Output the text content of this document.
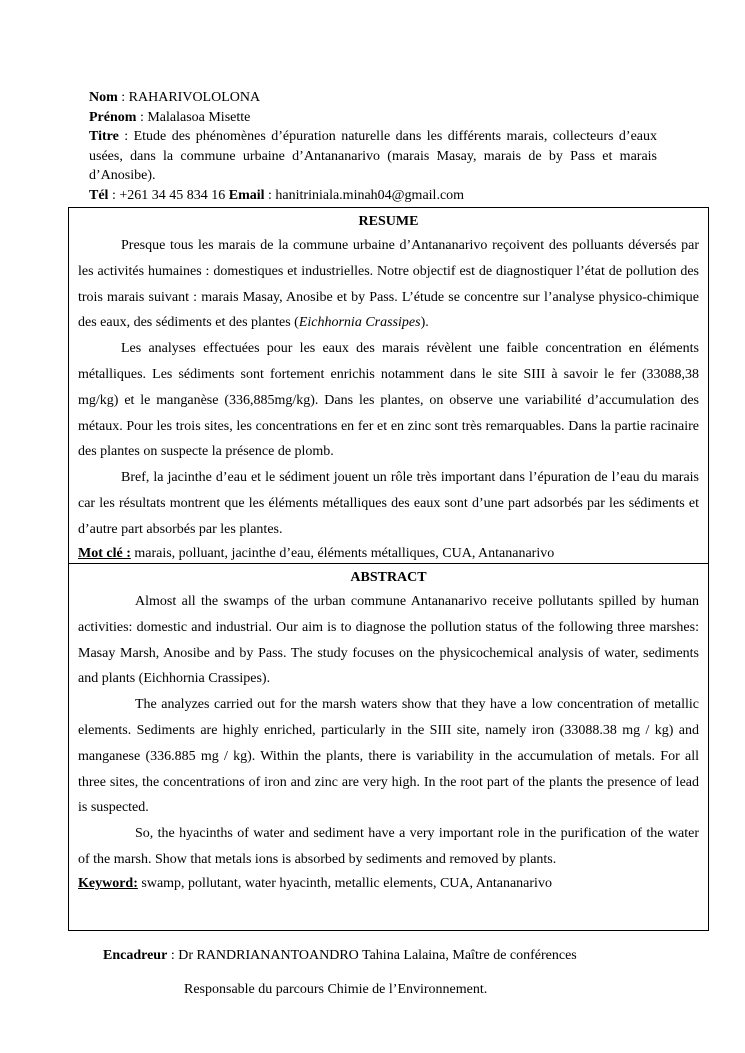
Nom : RAHARIVOLOLONA

Prénom : Malalasoa Misette

Titre : Etude des phénomènes d’épuration naturelle dans les différents marais, collecteurs d’eaux usées, dans la commune urbaine d’Antananarivo (marais Masay, marais de by Pass et marais d’Anosibe).

Tél : +261 34 45 834 16 Email : hanitriniala.minah04@gmail.com

RESUME

Presque tous les marais de la commune urbaine d’Antananarivo reçoivent des polluants déversés par les activités humaines : domestiques et industrielles. Notre objectif est de diagnostiquer l’état de pollution des trois marais suivant : marais Masay, Anosibe et by Pass. L’étude se concentre sur l’analyse physico-chimique des eaux, des sédiments et des plantes (Eichhornia Crassipes).

Les analyses effectuées pour les eaux des marais révèlent une faible concentration en éléments métalliques. Les sédiments sont fortement enrichis notamment dans le site SIII à savoir le fer (33088,38 mg/kg) et le manganèse (336,885mg/kg). Dans les plantes, on observe une variabilité d’accumulation des métaux. Pour les trois sites, les concentrations en fer et en zinc sont très remarquables. Dans la partie racinaire des plantes on suspecte la présence de plomb.

Bref, la jacinthe d’eau et le sédiment jouent un rôle très important dans l’épuration de l’eau du marais car les résultats montrent que les éléments métalliques des eaux sont d’une part adsorbés par les sédiments et d’autre part absorbés par les plantes.

Mot clé : marais, polluant, jacinthe d’eau, éléments métalliques, CUA, Antananarivo

ABSTRACT

Almost all the swamps of the urban commune Antananarivo receive pollutants spilled by human activities: domestic and industrial. Our aim is to diagnose the pollution status of the following three marshes: Masay Marsh, Anosibe and by Pass. The study focuses on the physicochemical analysis of water, sediments and plants (Eichhornia Crassipes).

The analyzes carried out for the marsh waters show that they have a low concentration of metallic elements. Sediments are highly enriched, particularly in the SIII site, namely iron (33088.38 mg / kg) and manganese (336.885 mg / kg). Within the plants, there is variability in the accumulation of metals. For all three sites, the concentrations of iron and zinc are very high. In the root part of the plants the presence of lead is suspected.

So, the hyacinths of water and sediment have a very important role in the purification of the water of the marsh. Show that metals ions is absorbed by sediments and removed by plants.

Keyword: swamp, pollutant, water hyacinth, metallic elements, CUA, Antananarivo

Encadreur : Dr RANDRIANANTOANDRO Tahina Lalaina, Maître de conférences
Responsable du parcours Chimie de l’Environnement.
